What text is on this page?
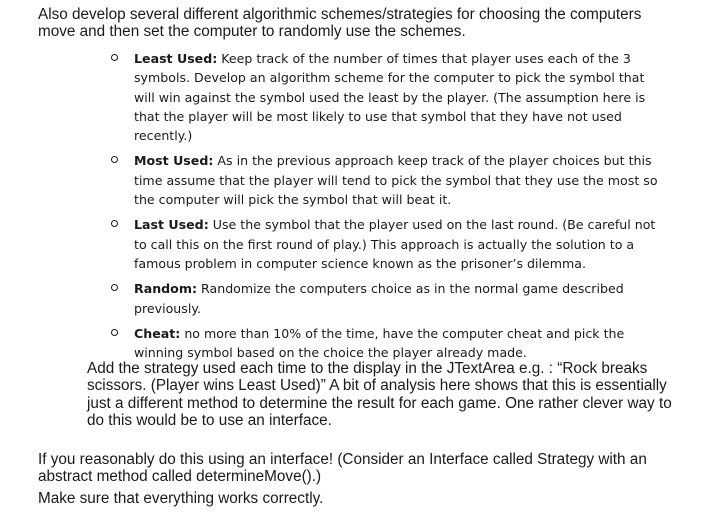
Also develop several different algorithmic schemes/strategies for choosing the computers move and then set the computer to randomly use the schemes.

Least Used: Keep track of the number of times that player uses each of the 3 symbols. Develop an algorithm scheme for the computer to pick the symbol that will win against the symbol used the least by the player. (The assumption here is that the player will be most likely to use that symbol that they have not used recently.)
Most Used: As in the previous approach keep track of the player choices but this time assume that the player will tend to pick the symbol that they use the most so the computer will pick the symbol that will beat it.
Last Used: Use the symbol that the player used on the last round. (Be careful not to call this on the first round of play.) This approach is actually the solution to a famous problem in computer science known as the prisoner’s dilemma.
Random: Randomize the computers choice as in the normal game described previously.
Cheat: no more than 10% of the time, have the computer cheat and pick the winning symbol based on the choice the player already made.

Add the strategy used each time to the display in the JTextArea e.g. : “Rock breaks scissors. (Player wins Least Used)” A bit of analysis here shows that this is essentially just a different method to determine the result for each game. One rather clever way to do this would be to use an interface.

If you reasonably do this using an interface! (Consider an Interface called Strategy with an abstract method called determineMove().)

Make sure that everything works correctly.
